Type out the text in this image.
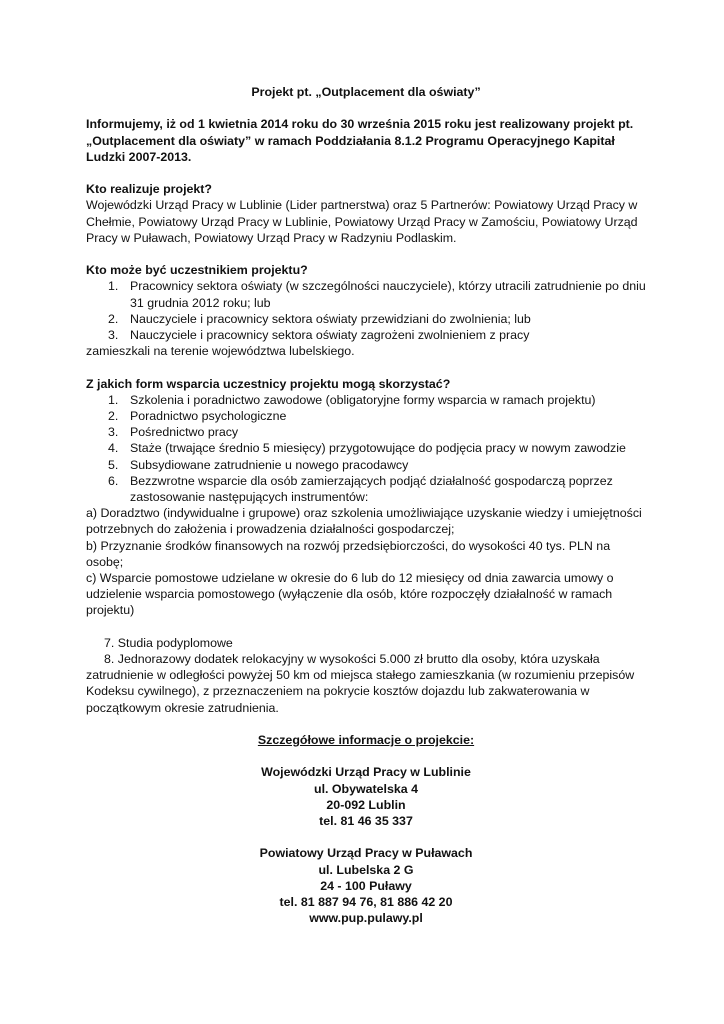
Projekt pt. „Outplacement dla oświaty”

Informujemy, iż od 1 kwietnia 2014 roku do 30 września 2015 roku jest realizowany projekt pt. „Outplacement dla oświaty” w ramach Poddziałania 8.1.2 Programu Operacyjnego Kapitał Ludzki 2007-2013.

Kto realizuje projekt?

Wojewódzki Urząd Pracy w Lublinie (Lider partnerstwa) oraz 5 Partnerów: Powiatowy Urząd Pracy w Chełmie, Powiatowy Urząd Pracy w Lublinie, Powiatowy Urząd Pracy w Zamościu, Powiatowy Urząd Pracy w Puławach, Powiatowy Urząd Pracy w Radzyniu Podlaskim.

Kto może być uczestnikiem projektu?

1. Pracownicy sektora oświaty (w szczególności nauczyciele), którzy utracili zatrudnienie po dniu 31 grudnia 2012 roku; lub
2. Nauczyciele i pracownicy sektora oświaty przewidziani do zwolnienia; lub
3. Nauczyciele i pracownicy sektora oświaty zagrożeni zwolnieniem z pracy

zamieszkali na terenie województwa lubelskiego.

Z jakich form wsparcia uczestnicy projektu mogą skorzystać?

1. Szkolenia i poradnictwo zawodowe (obligatoryjne formy wsparcia w ramach projektu)
2. Poradnictwo psychologiczne
3. Pośrednictwo pracy
4. Staże (trwające średnio 5 miesięcy) przygotowujące do podjęcia pracy w nowym zawodzie
5. Subsydiowane zatrudnienie u nowego pracodawcy
6. Bezzwrotne wsparcie dla osób zamierzających podjąć działalność gospodarczą poprzez zastosowanie następujących instrumentów:

a) Doradztwo (indywidualne i grupowe) oraz szkolenia umożliwiające uzyskanie wiedzy i umiejętności potrzebnych do założenia i prowadzenia działalności gospodarczej;

b) Przyznanie środków finansowych na rozwój przedsiębiorczości, do wysokości 40 tys. PLN na osobę;

c) Wsparcie pomostowe udzielane w okresie do 6 lub do 12 miesięcy od dnia zawarcia umowy o udzielenie wsparcia pomostowego (wyłączenie dla osób, które rozpoczęły działalność w ramach projektu)

7. Studia podyplomowe

8. Jednorazowy dodatek relokacyjny w wysokości 5.000 zł brutto dla osoby, która uzyskała zatrudnienie w odległości powyżej 50 km od miejsca stałego zamieszkania (w rozumieniu przepisów Kodeksu cywilnego), z przeznaczeniem na pokrycie kosztów dojazdu lub zakwaterowania w początkowym okresie zatrudnienia.

Szczegółowe informacje o projekcie:

Wojewódzki Urząd Pracy w Lublinie

ul. Obywatelska 4

20-092 Lublin

tel. 81 46 35 337

Powiatowy Urząd Pracy w Puławach

ul. Lubelska 2 G

24 - 100 Puławy

tel. 81 887 94 76, 81 886 42 20

www.pup.pulawy.pl
